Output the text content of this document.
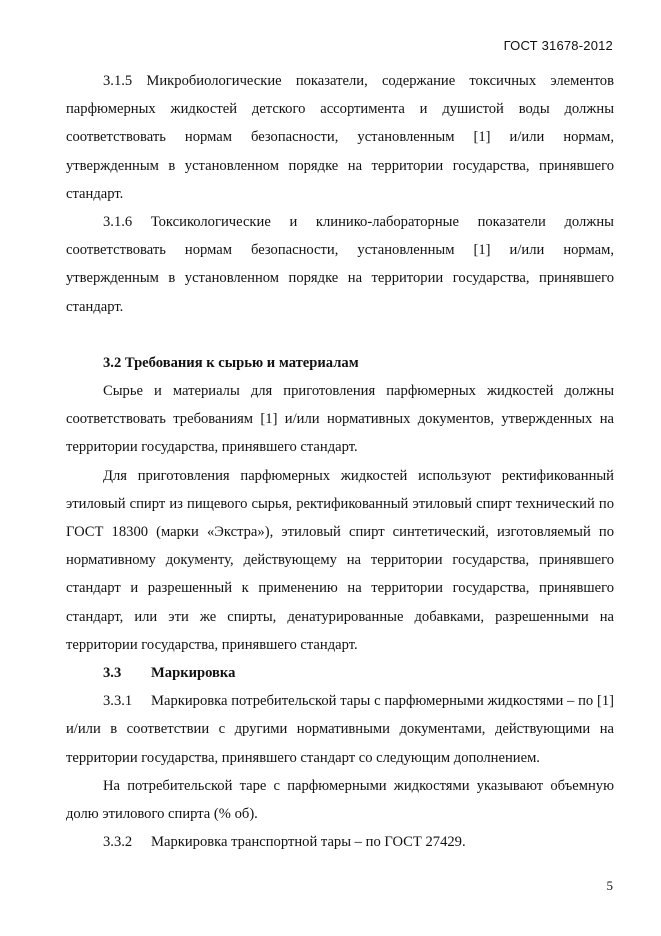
ГОСТ 31678-2012

3.1.5 Микробиологические показатели, содержание токсичных элементов парфюмерных жидкостей детского ассортимента и душистой воды должны соответствовать нормам безопасности, установленным [1] и/или нормам, утвержденным в установленном порядке на территории государства, принявшего стандарт.

3.1.6 Токсикологические и клинико-лабораторные показатели должны соответствовать нормам безопасности, установленным [1] и/или нормам, утвержденным в установленном порядке на территории государства, принявшего стандарт.

3.2 Требования к сырью и материалам

Сырье и материалы для приготовления парфюмерных жидкостей должны соответствовать требованиям [1] и/или нормативных документов, утвержденных на территории государства, принявшего стандарт.

Для приготовления парфюмерных жидкостей используют ректификованный этиловый спирт из пищевого сырья, ректификованный этиловый спирт технический по ГОСТ 18300 (марки «Экстра»), этиловый спирт синтетический, изготовляемый по нормативному документу, действующему на территории государства, принявшего стандарт и разрешенный к применению на территории государства, принявшего стандарт, или эти же спирты, денатурированные добавками, разрешенными на территории государства, принявшего стандарт.

3.3 Маркировка

3.3.1 Маркировка потребительской тары с парфюмерными жидкостями – по [1] и/или в соответствии с другими нормативными документами, действующими на территории государства, принявшего стандарт со следующим дополнением.

На потребительской таре с парфюмерными жидкостями указывают объемную долю этилового спирта (% об).

3.3.2 Маркировка транспортной тары – по ГОСТ 27429.

5
